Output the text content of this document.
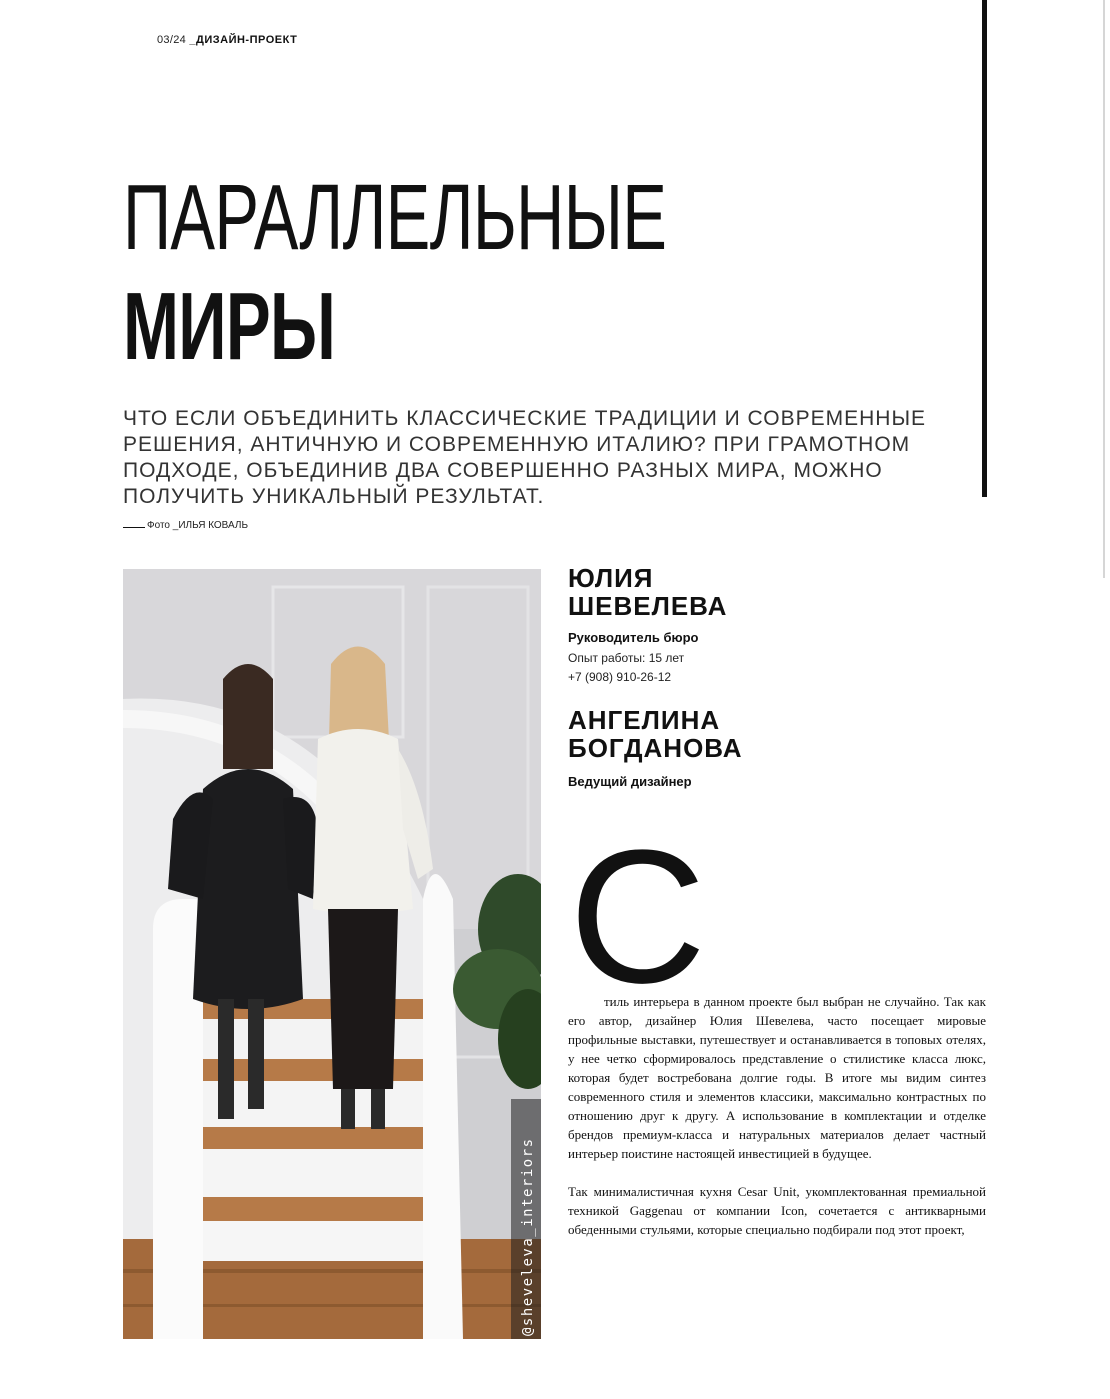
03/24 _ДИЗАЙН-ПРОЕКТ
ПАРАЛЛЕЛЬНЫЕ
МИРЫ
ЧТО ЕСЛИ ОБЪЕДИНИТЬ КЛАССИЧЕСКИЕ ТРАДИЦИИ И СОВРЕМЕННЫЕ РЕШЕНИЯ, АНТИЧНУЮ И СОВРЕМЕННУЮ ИТАЛИЮ? ПРИ ГРАМОТНОМ ПОДХОДЕ, ОБЪЕДИНИВ ДВА СОВЕРШЕННО РАЗНЫХ МИРА, МОЖНО ПОЛУЧИТЬ УНИКАЛЬНЫЙ РЕЗУЛЬТАТ.
Фото _ИЛЬЯ КОВАЛЬ
@sheveleva_interiors
ЮЛИЯ
ШЕВЕЛЕВА
Руководитель бюро
Опыт работы: 15 лет
+7 (908) 910-26-12
АНГЕЛИНА
БОГДАНОВА
Ведущий дизайнер
С

тиль интерьера в данном проекте был выбран не случайно. Так как его автор, дизайнер Юлия Шевелева, часто посещает мировые профильные выставки, путешествует и останавливается в топовых отелях, у нее четко сформировалось представление о стилистике класса люкс, которая будет востребована долгие годы. В итоге мы видим синтез современного стиля и элементов классики, максимально контрастных по отношению друг к другу. А использование в комплектации и отделке брендов премиум-класса и натуральных материалов делает частный интерьер поистине настоящей инвестицией в будущее.

Так минималистичная кухня Cesar Unit, укомплектованная премиальной техникой Gaggenau от компании Icon, сочетается с антикварными обеденными стульями, которые специально подбирали под этот проект,
